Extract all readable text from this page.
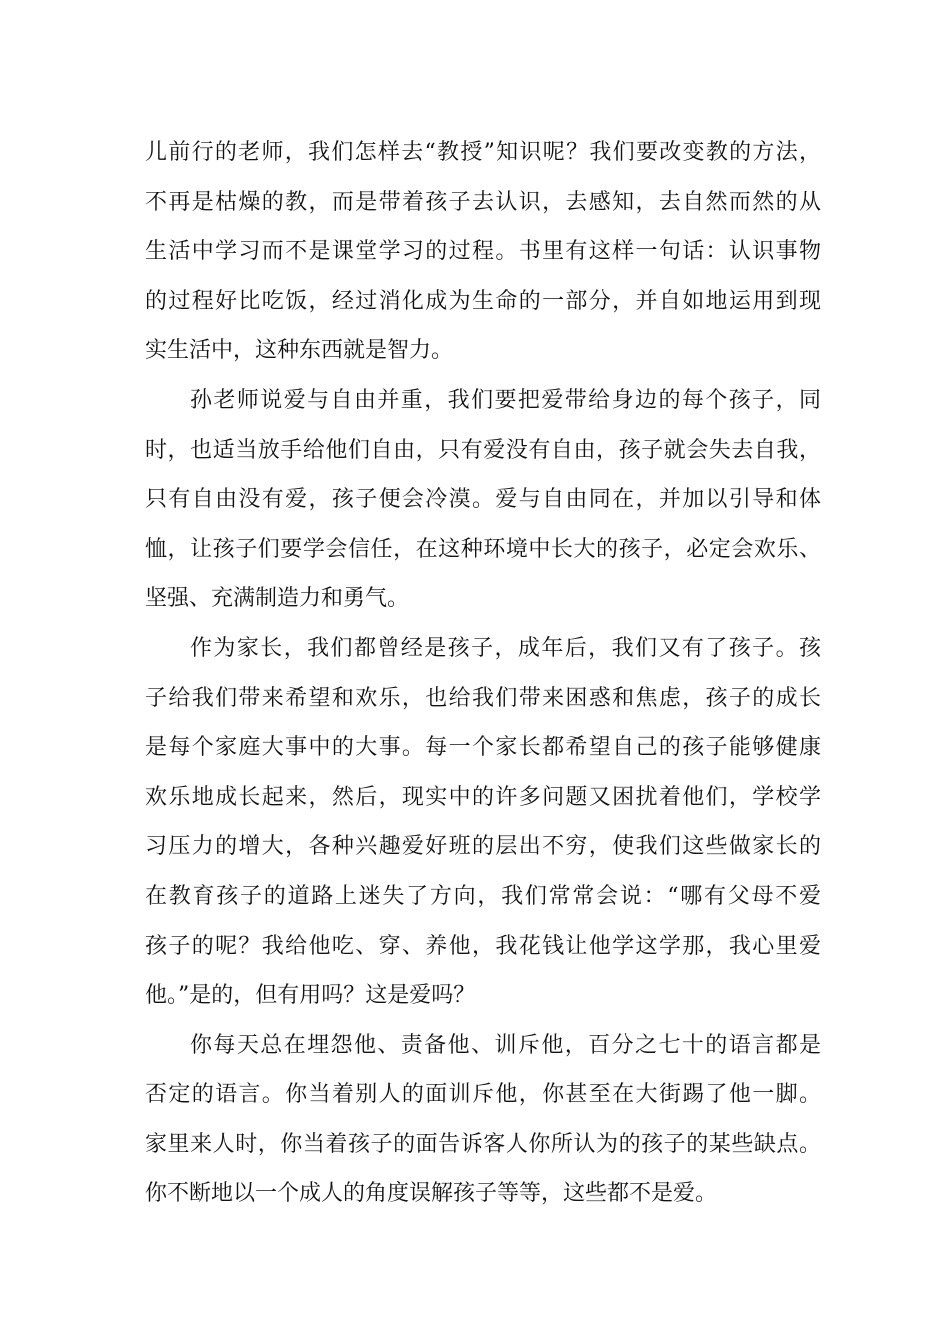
儿前行的老师，我们怎样去“教授”知识呢？我们要改变教的方法，
不再是枯燥的教，而是带着孩子去认识，去感知，去自然而然的从
生活中学习而不是课堂学习的过程。书里有这样一句话：认识事物
的过程好比吃饭，经过消化成为生命的一部分，并自如地运用到现
实生活中，这种东西就是智力。
孙老师说爱与自由并重，我们要把爱带给身边的每个孩子，同
时，也适当放手给他们自由，只有爱没有自由，孩子就会失去自我，
只有自由没有爱，孩子便会冷漠。爱与自由同在，并加以引导和体
恤，让孩子们要学会信任，在这种环境中长大的孩子，必定会欢乐、
坚强、充满制造力和勇气。
作为家长，我们都曾经是孩子，成年后，我们又有了孩子。孩
子给我们带来希望和欢乐，也给我们带来困惑和焦虑，孩子的成长
是每个家庭大事中的大事。每一个家长都希望自己的孩子能够健康
欢乐地成长起来，然后，现实中的许多问题又困扰着他们，学校学
习压力的增大，各种兴趣爱好班的层出不穷，使我们这些做家长的
在教育孩子的道路上迷失了方向，我们常常会说：“哪有父母不爱
孩子的呢？我给他吃、穿、养他，我花钱让他学这学那，我心里爱
他。”是的，但有用吗？这是爱吗？
你每天总在埋怨他、责备他、训斥他，百分之七十的语言都是
否定的语言。你当着别人的面训斥他，你甚至在大街踢了他一脚。
家里来人时，你当着孩子的面告诉客人你所认为的孩子的某些缺点。
你不断地以一个成人的角度误解孩子等等，这些都不是爱。
